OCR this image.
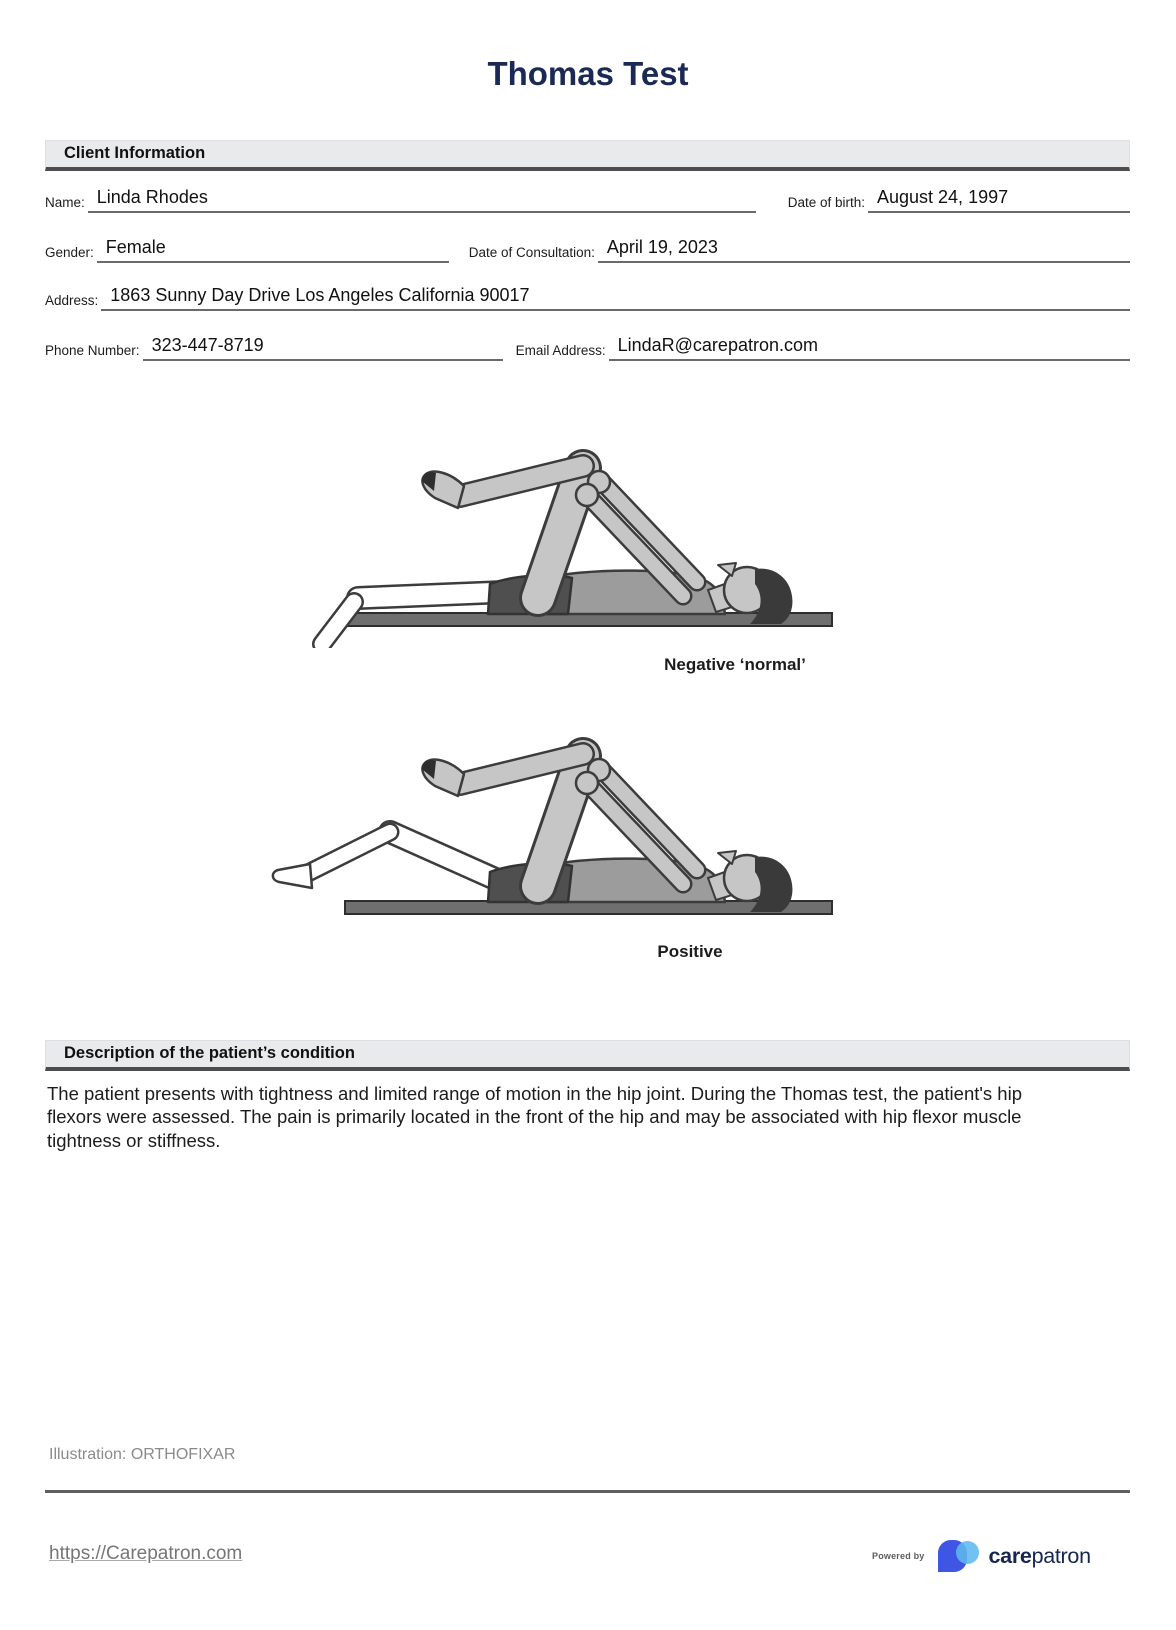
Thomas Test
Client Information
Name: Linda Rhodes	Date of birth: August 24, 1997
Gender: Female	Date of Consultation: April 19, 2023
Address: 1863 Sunny Day Drive Los Angeles California 90017
Phone Number: 323-447-8719	Email Address: LindaR@carepatron.com
Negative ‘normal’
Positive
Description of the patient’s condition
The patient presents with tightness and limited range of motion in the hip joint. During the Thomas test, the patient's hip flexors were assessed. The pain is primarily located in the front of the hip and may be associated with hip flexor muscle tightness or stiffness.
Illustration: ORTHOFIXAR
https://Carepatron.com	Powered by	carepatron
